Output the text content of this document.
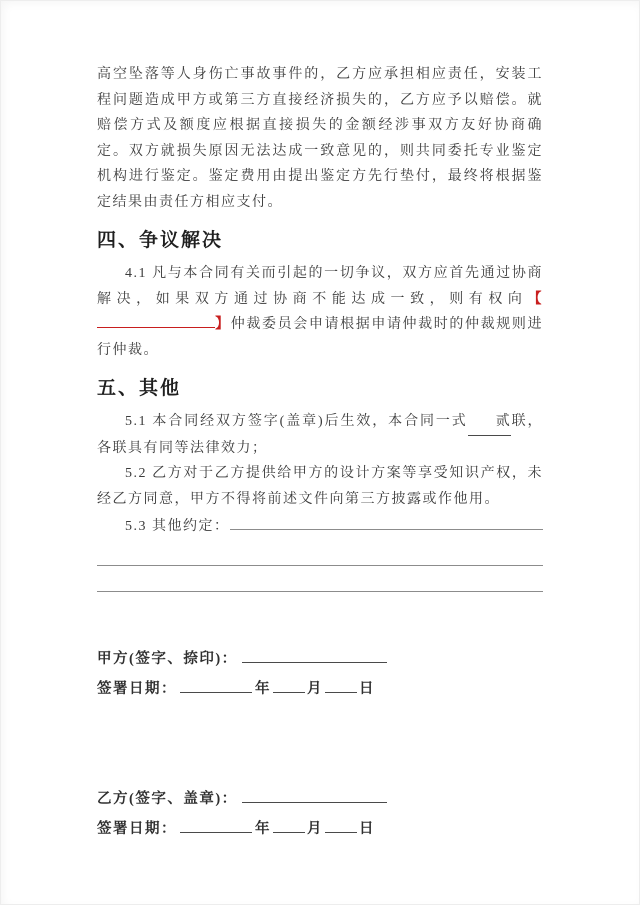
高空坠落等人身伤亡事故事件的，乙方应承担相应责任，安装工程问题造成甲方或第三方直接经济损失的，乙方应予以赔偿。就赔偿方式及额度应根据直接损失的金额经涉事双方友好协商确定。双方就损失原因无法达成一致意见的，则共同委托专业鉴定机构进行鉴定。鉴定费用由提出鉴定方先行垫付，最终将根据鉴定结果由责任方相应支付。

四、争议解决

4.1 凡与本合同有关而引起的一切争议，双方应首先通过协商解决，如果双方通过协商不能达成一致，则有权向【】仲裁委员会申请根据申请仲裁时的仲裁规则进行仲裁。

五、其他

5.1 本合同经双方签字(盖章)后生效，本合同一式 贰联，各联具有同等法律效力；

5.2 乙方对于乙方提供给甲方的设计方案等享受知识产权，未经乙方同意，甲方不得将前述文件向第三方披露或作他用。

5.3 其他约定：
甲方(签字、捺印)：
签署日期：	年 月 日
乙方(签字、盖章)：
签署日期：	年 月 日
